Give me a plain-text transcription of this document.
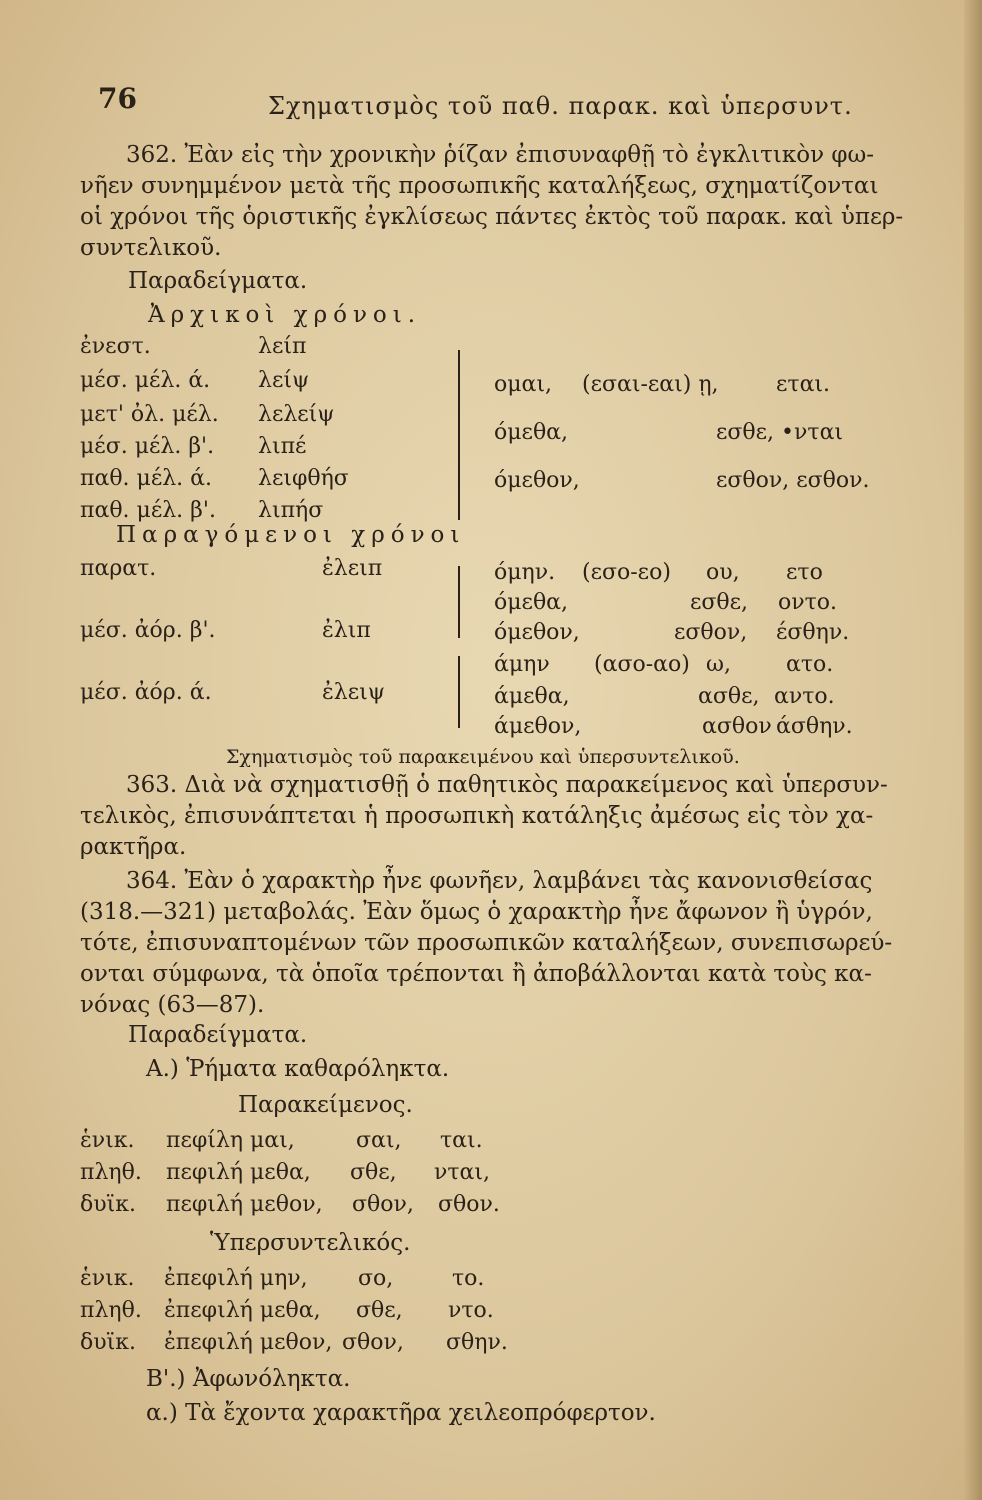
76	Σχηματισμὸς τοῦ παθ. παρακ. καὶ ὑπερσυντ.
362. Ἐὰν εἰς τὴν χρονικὴν ῥίζαν ἐπισυναφθῇ τὸ ἐγκλιτικὸν φω-
νῆεν συνημμένον μετὰ τῆς προσωπικῆς καταλήξεως, σχηματίζονται
οἱ χρόνοι τῆς ὁριστικῆς ἐγκλίσεως πάντες ἐκτὸς τοῦ παρακ. καὶ ὑπερ-
συντελικοῦ.
Παραδείγματα.
Ἀρχικοὶ χρόνοι.
ἐνεστ.	λείπ
μέσ. μέλ. ά. λείψ
μετ' ὀλ. μέλ. λελείψ
μέσ. μέλ. β'. λιπέ
παθ. μέλ. ά. λειφθήσ
παθ. μέλ. β'. λιπήσ
ομαι, (εσαι-εαι) ῃ,	εται.
όμεθα,	εσθε, •νται
όμεθον,	εσθον, εσθον.
Παραγόμενοι χρόνοι
παρατ.	ἐλειπ
μέσ. ἀόρ. β'.	ἐλιπ
μέσ. ἀόρ. ά.	ἐλειψ
όμην. (εσο-εο) ου, ετο
όμεθα,	εσθε, οντο.
όμεθον,	εσθον, έσθην.
άμην (ασο-αο) ω,	ατο.
άμεθα,	ασθε, αντο.
άμεθον,	ασθον άσθην.
Σχηματισμὸς τοῦ παρακειμένου καὶ ὑπερσυντελικοῦ.
363. Διὰ νὰ σχηματισθῇ ὁ παθητικὸς παρακείμενος καὶ ὑπερσυν-
τελικὸς, ἐπισυνάπτεται ἡ προσωπικὴ κατάληξις ἀμέσως εἰς τὸν χα-
ρακτῆρα.
364. Ἐὰν ὁ χαρακτὴρ ἦνε φωνῆεν, λαμβάνει τὰς κανονισθείσας
(318.—321) μεταβολάς. Ἐὰν ὅμως ὁ χαρακτὴρ ἦνε ἄφωνον ἢ ὑγρόν,
τότε, ἐπισυναπτομένων τῶν προσωπικῶν καταλήξεων, συνεπισωρεύ-
ονται σύμφωνα, τὰ ὁποῖα τρέπονται ἢ ἀποβάλλονται κατὰ τοὺς κα-
νόνας (63—87).
Παραδείγματα.
Α.) Ῥήματα καθαρόληκτα.
Παρακείμενος.
ἑνικ. πεφίλη μαι,	σαι, ται.
πληθ. πεφιλή μεθα, σθε, νται,
δυϊκ. πεφιλή μεθον, σθον, σθον.
Ὑπερσυντελικός.
ἑνικ. ἐπεφιλή μην, σο,	το.
πληθ. ἐπεφιλή μεθα, σθε, ντο.
δυϊκ. ἐπεφιλή μεθον, σθον, σθην.
Β'.) Ἀφωνόληκτα.
α.) Τὰ ἔχοντα χαρακτῆρα χειλεοπρόφερτον.
